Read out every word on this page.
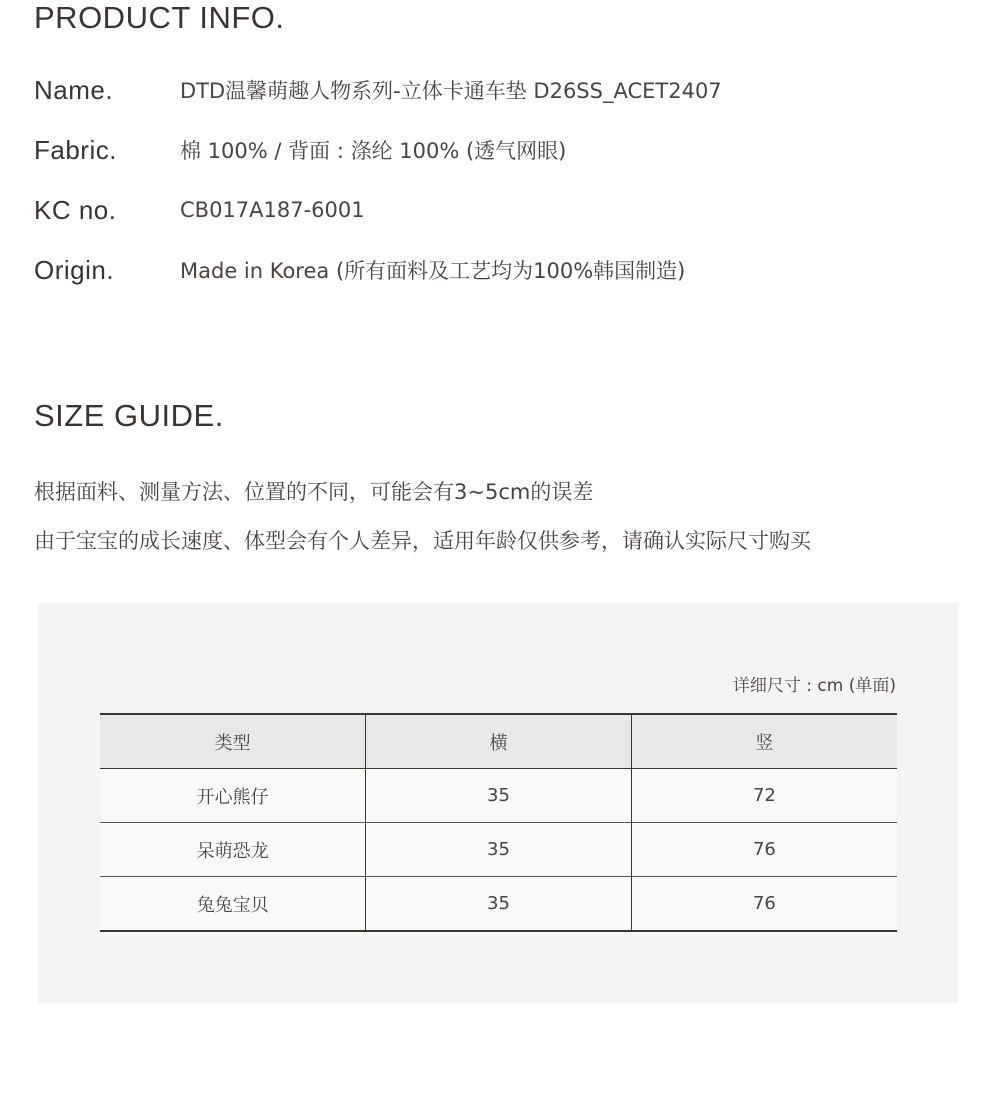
PRODUCT INFO.
Name.	DTD温馨萌趣人物系列-立体卡通车垫 D26SS_ACET2407
Fabric.	棉 100% / 背面 : 涤纶 100% (透气网眼)
KC no.	CB017A187-6001
Origin.	Made in Korea (所有面料及工艺均为100%韩国制造)
SIZE GUIDE.

根据面料、测量方法、位置的不同，可能会有3~5cm的误差

由于宝宝的成长速度、体型会有个人差异，适用年龄仅供参考，请确认实际尺寸购买

详细尺寸 : cm (单面)
类型	横	竖
开心熊仔	35	72
呆萌恐龙	35	76
兔兔宝贝	35	76
